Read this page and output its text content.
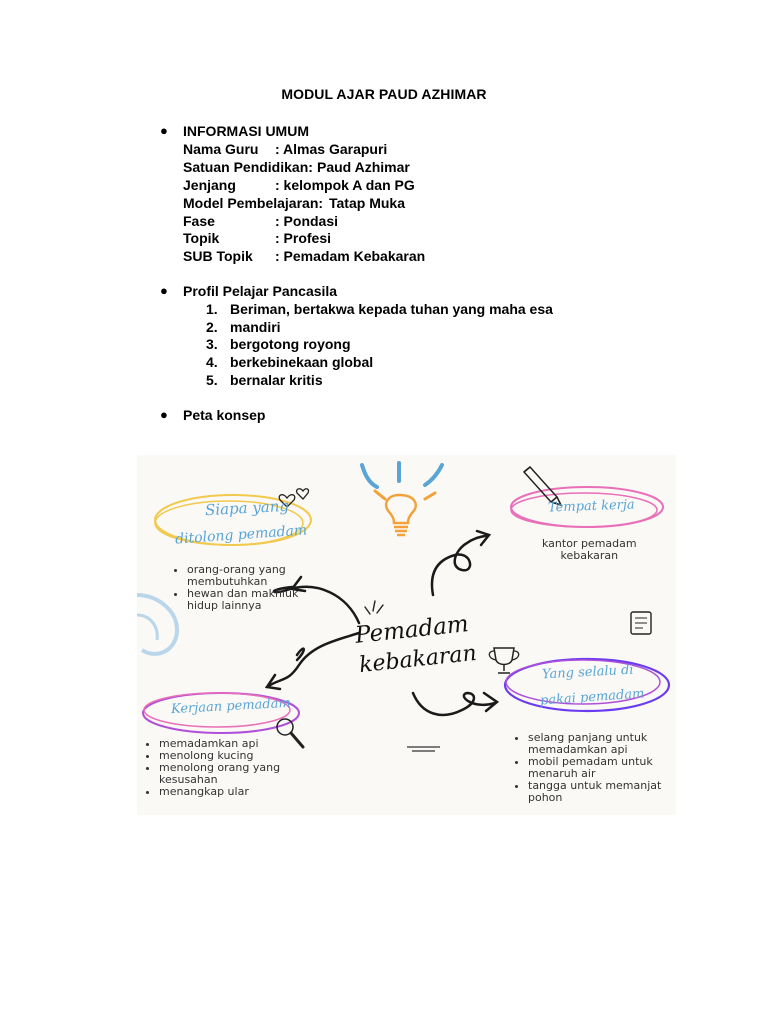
MODUL AJAR PAUD AZHIMAR
● INFORMASI UMUM
Nama Guru : Almas Garapuri
Satuan Pendidikan: Paud Azhimar
Jenjang	: kelompok A dan PG
Model Pembelajaran: Tatap Muka
Fase	: Pondasi
Topik	: Profesi
SUB Topik : Pemadam Kebakaran
● Profil Pelajar Pancasila
1. Beriman, bertakwa kepada tuhan yang maha esa
2. mandiri
3. bergotong royong
4. berkebinekaan global
5. bernalar kritis
● Peta konsep
Siapa yang
ditolong pemadam
Tempat kerja
Pemadam
kebakaran
Kerjaan pemadam
Yang selalu di
pakai pemadam
• orang-orang yang membutuhkan
• hewan dan makhluk hidup lainnya
kantor pemadam
kebakaran
• memadamkan api
• menolong kucing
• menolong orang yang kesusahan
• menangkap ular
• selang panjang untuk memadamkan api
• mobil pemadam untuk menaruh air
• tangga untuk memanjat pohon
